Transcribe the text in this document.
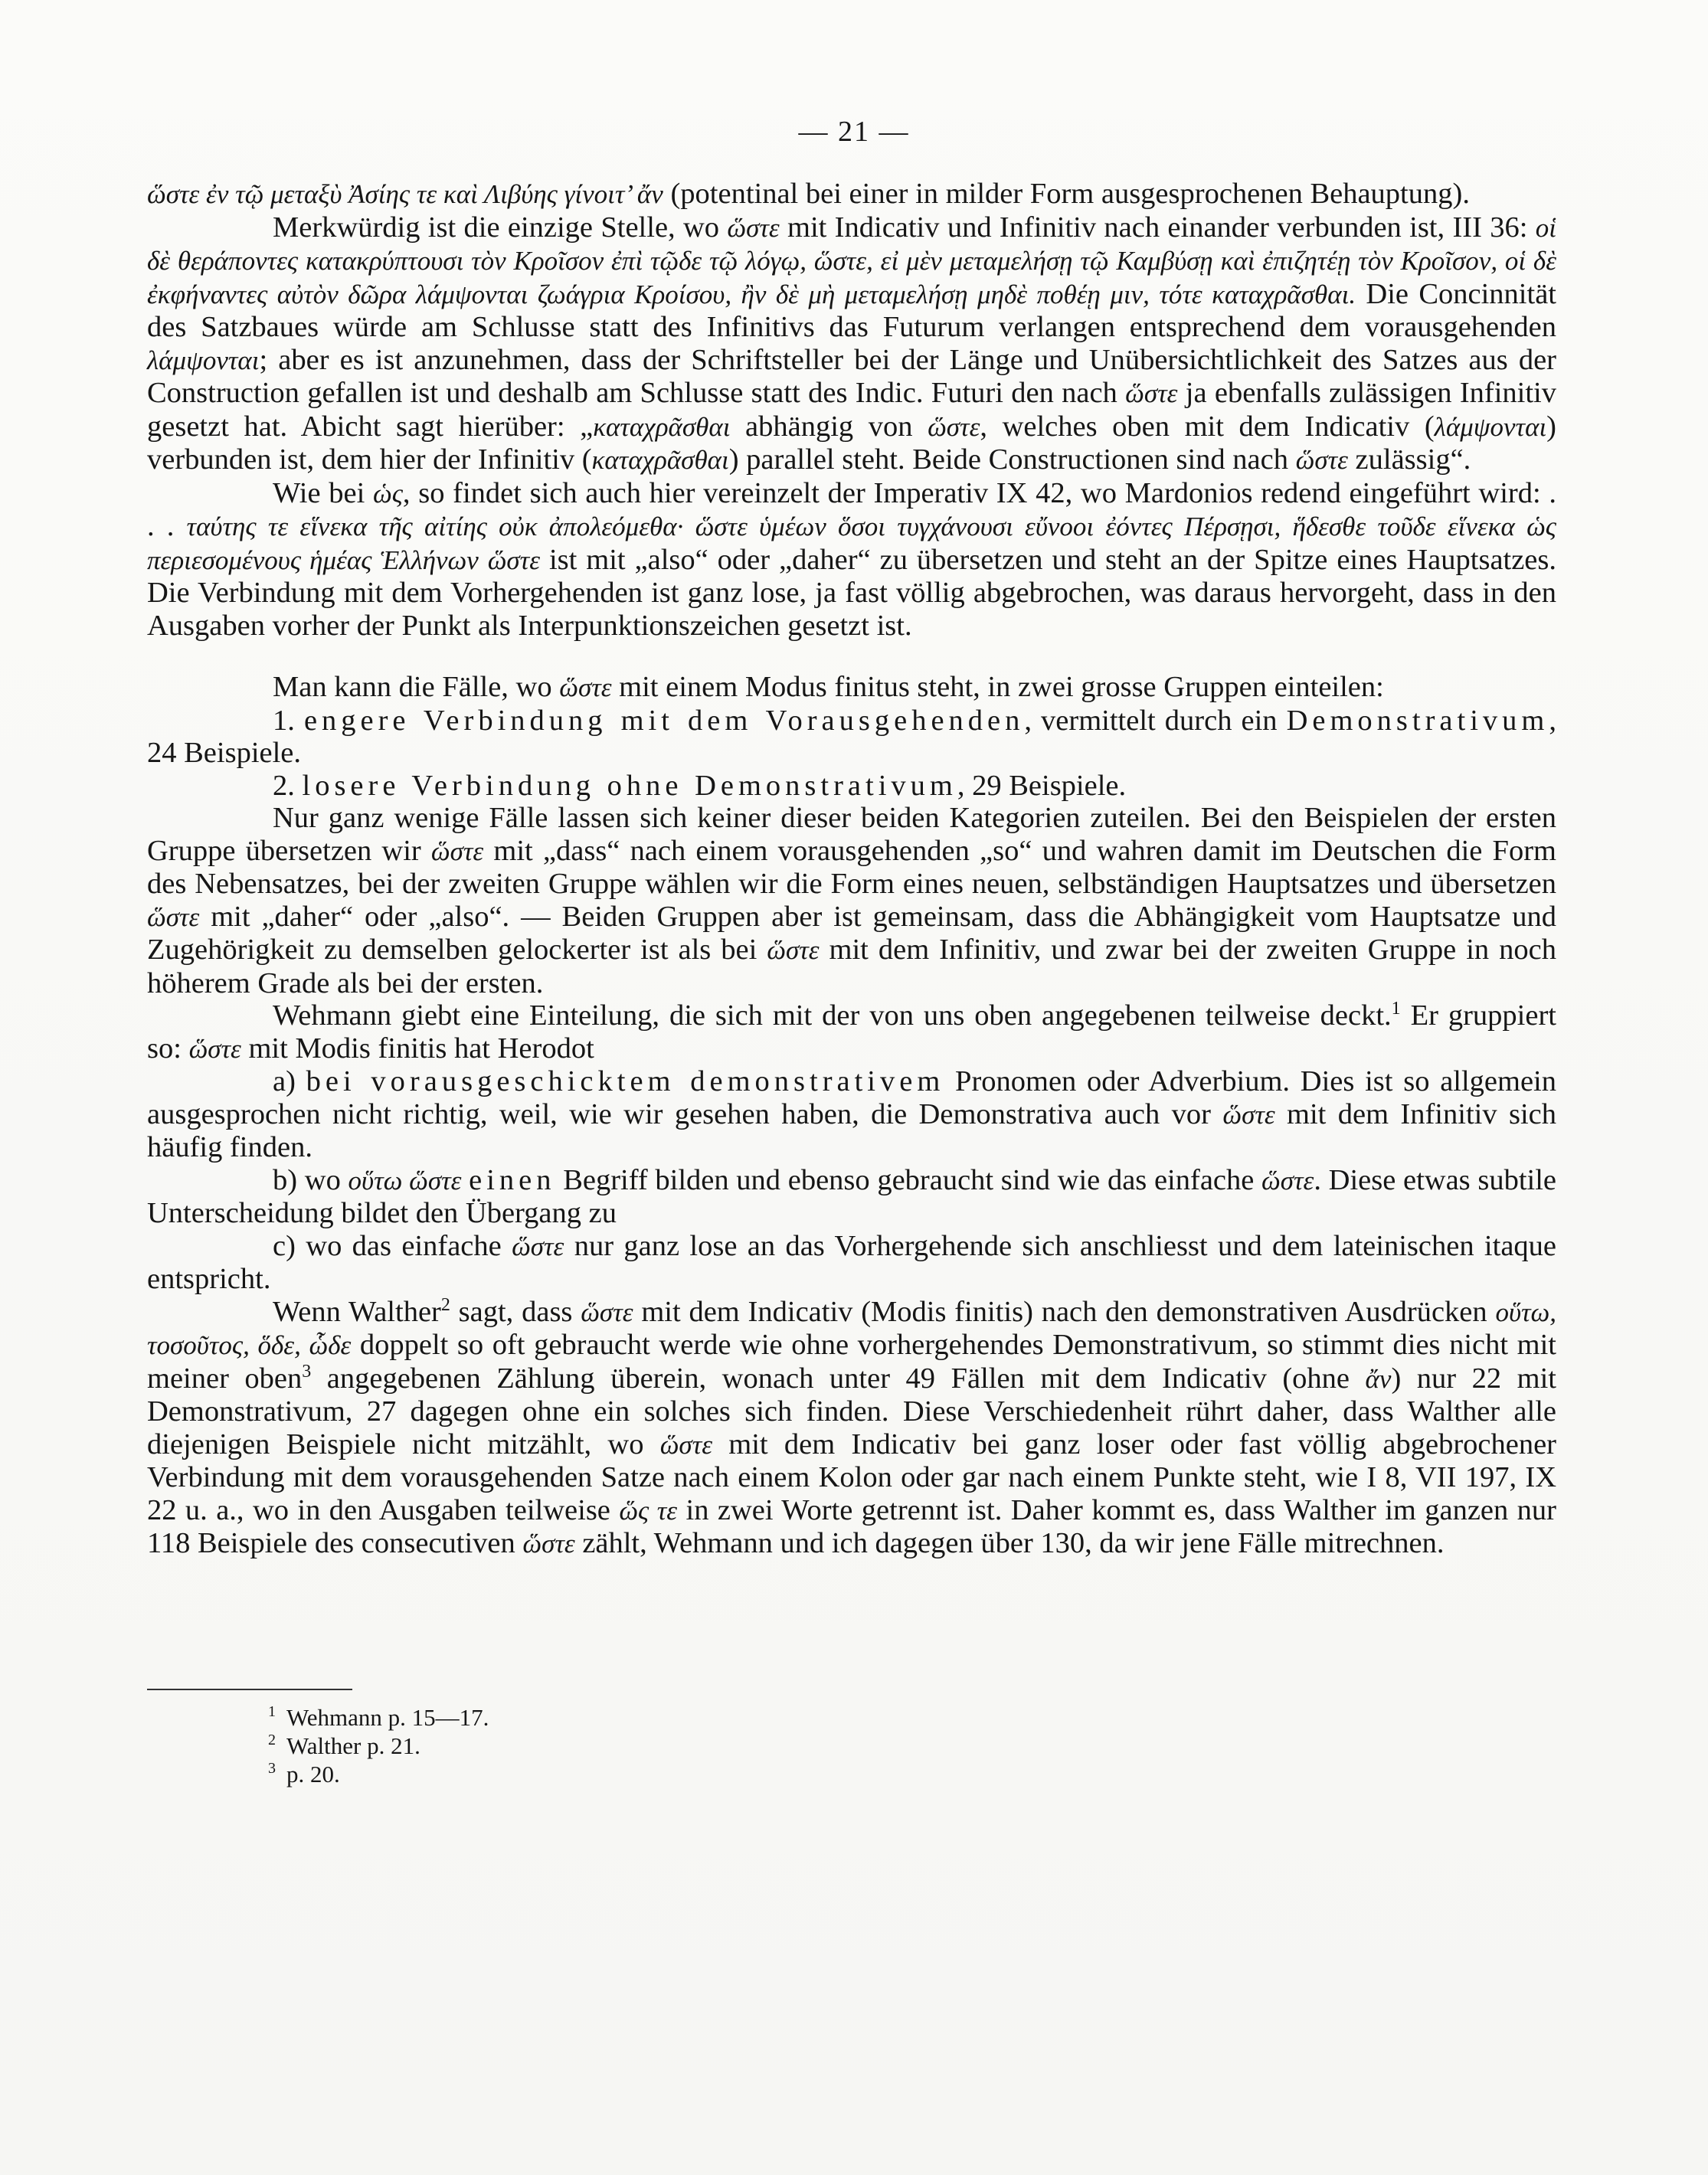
— 21 —

ὥστε ἐν τῷ μεταξὺ Ἀσίης τε καὶ Λιβύης γίνοιτ’ ἄν (potentinal bei einer in milder Form ausgesprochenen Behauptung).

Merkwürdig ist die einzige Stelle, wo ὥστε mit Indicativ und Infinitiv nach einander verbunden ist, III 36: οἱ δὲ θεράποντες κατακρύπτουσι τὸν Κροῖσον ἐπὶ τῷδε τῷ λόγῳ, ὥστε, εἰ μὲν μεταμελήσῃ τῷ Καμβύσῃ καὶ ἐπιζητέῃ τὸν Κροῖσον, οἱ δὲ ἐκφήναντες αὐτὸν δῶρα λάμψονται ζωάγρια Κροίσου, ἢν δὲ μὴ μεταμελήσῃ μηδὲ ποθέῃ μιν, τότε καταχρᾶσθαι. Die Concinnität des Satzbaues würde am Schlusse statt des Infinitivs das Futurum verlangen entsprechend dem vorausgehenden λάμψονται; aber es ist anzunehmen, dass der Schriftsteller bei der Länge und Unübersichtlichkeit des Satzes aus der Construction gefallen ist und deshalb am Schlusse statt des Indic. Futuri den nach ὥστε ja ebenfalls zulässigen Infinitiv gesetzt hat. Abicht sagt hierüber: „καταχρᾶσθαι abhängig von ὥστε, welches oben mit dem Indicativ (λάμψονται) verbunden ist, dem hier der Infinitiv (καταχρᾶσθαι) parallel steht. Beide Constructionen sind nach ὥστε zulässig“.

Wie bei ὡς, so findet sich auch hier vereinzelt der Imperativ IX 42, wo Mardonios redend eingeführt wird: . . . ταύτης τε εἵνεκα τῆς αἰτίης οὐκ ἀπολεόμεθα· ὥστε ὑμέων ὅσοι τυγχάνουσι εὔνοοι ἐόντες Πέρσῃσι, ἥδεσθε τοῦδε εἵνεκα ὡς περιεσομένους ἡμέας Ἑλλήνων ὥστε ist mit „also“ oder „daher“ zu übersetzen und steht an der Spitze eines Hauptsatzes. Die Verbindung mit dem Vorhergehenden ist ganz lose, ja fast völlig abgebrochen, was daraus hervorgeht, dass in den Ausgaben vorher der Punkt als Interpunktionszeichen gesetzt ist.

Man kann die Fälle, wo ὥστε mit einem Modus finitus steht, in zwei grosse Gruppen einteilen:

1. engere Verbindung mit dem Vorausgehenden, vermittelt durch ein Demonstrativum, 24 Beispiele.

2. losere Verbindung ohne Demonstrativum, 29 Beispiele.

Nur ganz wenige Fälle lassen sich keiner dieser beiden Kategorien zuteilen. Bei den Beispielen der ersten Gruppe übersetzen wir ὥστε mit „dass“ nach einem vorausgehenden „so“ und wahren damit im Deutschen die Form des Nebensatzes, bei der zweiten Gruppe wählen wir die Form eines neuen, selbständigen Hauptsatzes und übersetzen ὥστε mit „daher“ oder „also“. — Beiden Gruppen aber ist gemeinsam, dass die Abhängigkeit vom Hauptsatze und Zugehörigkeit zu demselben gelockerter ist als bei ὥστε mit dem Infinitiv, und zwar bei der zweiten Gruppe in noch höherem Grade als bei der ersten.

Wehmann giebt eine Einteilung, die sich mit der von uns oben angegebenen teilweise deckt.$^1$ Er gruppiert so: ὥστε mit Modis finitis hat Herodot

a) bei vorausgeschicktem demonstrativem Pronomen oder Adverbium. Dies ist so allgemein ausgesprochen nicht richtig, weil, wie wir gesehen haben, die Demonstrativa auch vor ὥστε mit dem Infinitiv sich häufig finden.

b) wo οὕτω ὥστε einen Begriff bilden und ebenso gebraucht sind wie das einfache ὥστε. Diese etwas subtile Unterscheidung bildet den Übergang zu

c) wo das einfache ὥστε nur ganz lose an das Vorhergehende sich anschliesst und dem lateinischen itaque entspricht.

Wenn Walther$^2$ sagt, dass ὥστε mit dem Indicativ (Modis finitis) nach den demonstrativen Ausdrücken οὕτω, τοσοῦτος, ὅδε, ὧδε doppelt so oft gebraucht werde wie ohne vorhergehendes Demonstrativum, so stimmt dies nicht mit meiner oben$^3$ angegebenen Zählung überein, wonach unter 49 Fällen mit dem Indicativ (ohne ἄν) nur 22 mit Demonstrativum, 27 dagegen ohne ein solches sich finden. Diese Verschiedenheit rührt daher, dass Walther alle diejenigen Beispiele nicht mitzählt, wo ὥστε mit dem Indicativ bei ganz loser oder fast völlig abgebrochener Verbindung mit dem vorausgehenden Satze nach einem Kolon oder gar nach einem Punkte steht, wie I 8, VII 197, IX 22 u. a., wo in den Ausgaben teilweise ὥς τε in zwei Worte getrennt ist. Daher kommt es, dass Walther im ganzen nur 118 Beispiele des consecutiven ὥστε zählt, Wehmann und ich dagegen über 130, da wir jene Fälle mitrechnen.

$^1$ Wehmann p. 15—17.
$^2$ Walther p. 21.
$^3$ p. 20.
